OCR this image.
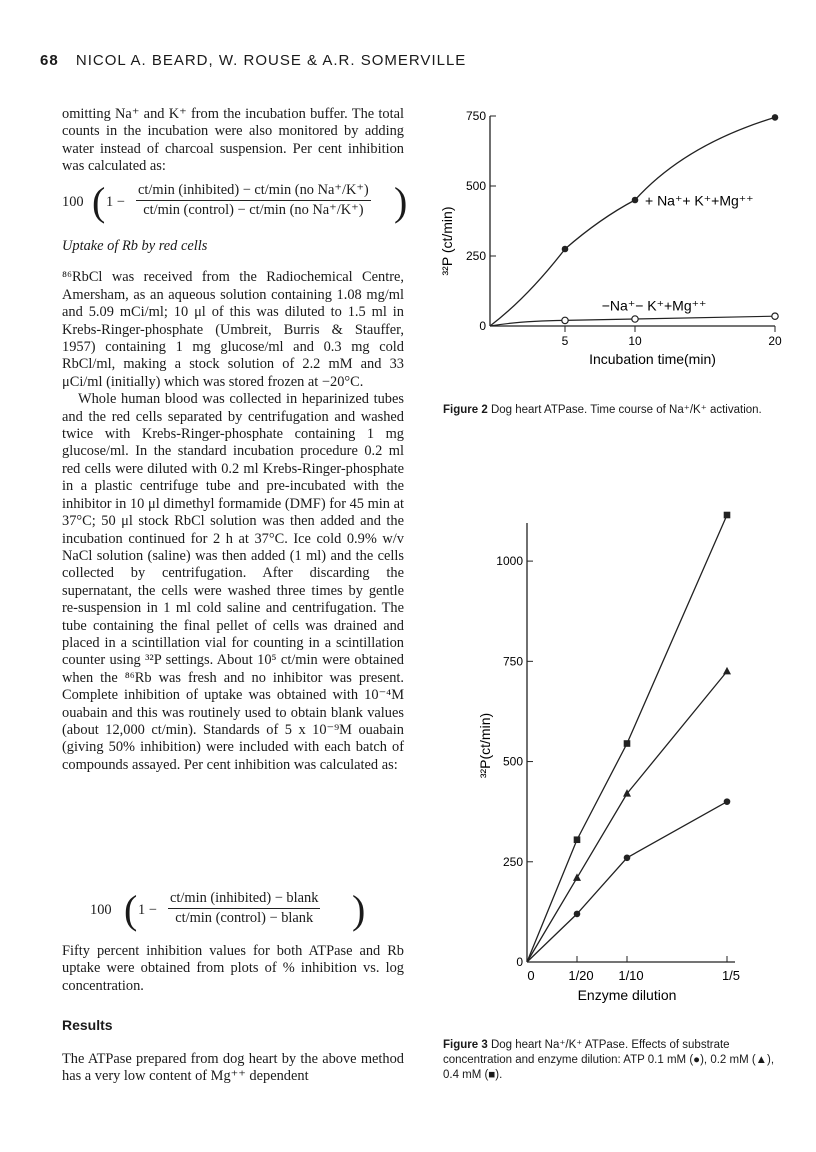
68 NICOL A. BEARD, W. ROUSE & A.R. SOMERVILLE

omitting Na⁺ and K⁺ from the incubation buffer. The total counts in the incubation were also monitored by adding water instead of charcoal suspension. Per cent inhibition was calculated as:

100 ( 1 −
ct/min (inhibited) − ct/min (no Na⁺/K⁺)
ct/min (control) − ct/min (no Na⁺/K⁺) )

Uptake of Rb by red cells

⁸⁶RbCl was received from the Radiochemical Centre, Amersham, as an aqueous solution containing 1.08 mg/ml and 5.09 mCi/ml; 10 μl of this was diluted to 1.5 ml in Krebs-Ringer-phosphate (Umbreit, Burris & Stauffer, 1957) containing 1 mg glucose/ml and 0.3 mg cold RbCl/ml, making a stock solution of 2.2 mM and 33 μCi/ml (initially) which was stored frozen at −20°C.

Whole human blood was collected in heparinized tubes and the red cells separated by centrifugation and washed twice with Krebs-Ringer-phosphate containing 1 mg glucose/ml. In the standard incubation procedure 0.2 ml red cells were diluted with 0.2 ml Krebs-Ringer-phosphate in a plastic centrifuge tube and pre-incubated with the inhibitor in 10 μl dimethyl formamide (DMF) for 45 min at 37°C; 50 μl stock RbCl solution was then added and the incubation continued for 2 h at 37°C. Ice cold 0.9% w/v NaCl solution (saline) was then added (1 ml) and the cells collected by centrifugation. After discarding the supernatant, the cells were washed three times by gentle re-suspension in 1 ml cold saline and centrifugation. The tube containing the final pellet of cells was drained and placed in a scintillation vial for counting in a scintillation counter using ³²P settings. About 10⁵ ct/min were obtained when the ⁸⁶Rb was fresh and no inhibitor was present. Complete inhibition of uptake was obtained with 10⁻⁴M ouabain and this was routinely used to obtain blank values (about 12,000 ct/min). Standards of 5 x 10⁻⁹M ouabain (giving 50% inhibition) were included with each batch of compounds assayed. Per cent inhibition was calculated as:

100 ( 1 −
ct/min (inhibited) − blank
ct/min (control) − blank )

Fifty percent inhibition values for both ATPase and Rb uptake were obtained from plots of % inhibition vs. log concentration.

Results

The ATPase prepared from dog heart by the above method has a very low content of Mg⁺⁺ dependent

0
250
500
750
5	10	20
Incubation time(min)
³²P (ct/min)
+ Na⁺+ K⁺+Mg⁺⁺
−Na⁺− K⁺+Mg⁺⁺
Figure 2 Dog heart ATPase. Time course of Na⁺/K⁺ activation.
0
250
500
750
1000
0	1/20 1/10	1/5
Enzyme dilution
³²P(ct/min)
Figure 3 Dog heart Na⁺/K⁺ ATPase. Effects of substrate concentration and enzyme dilution: ATP 0.1 mM (●), 0.2 mM (▲), 0.4 mM (■).
